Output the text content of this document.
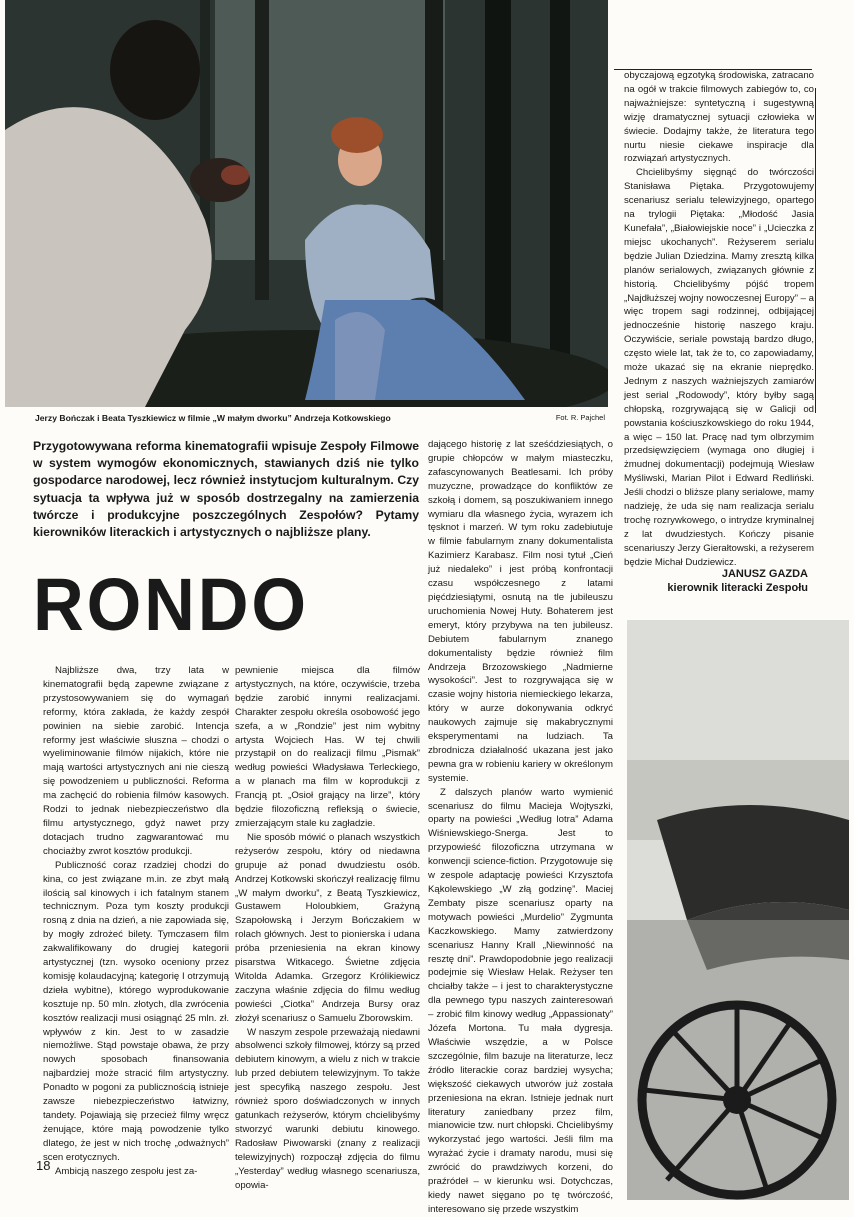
Jerzy Bończak i Beata Tyszkiewicz w filmie „W małym dworku” Andrzeja Kotkowskiego	Fot. R. Pajchel
Przygotowywana reforma kinematografii wpisuje Zespoły Filmowe w system wymogów ekonomicznych, stawianych dziś nie tylko gospodarce narodowej, lecz również instytucjom kulturalnym. Czy sytuacja ta wpływa już w sposób dostrzegalny na zamierzenia twórcze i produkcyjne poszczególnych Zespołów? Pytamy kierowników literackich i artystycznych o najbliższe plany.
RONDO

Najbliższe dwa, trzy lata w kinematografii będą zapewne związane z przystosowywaniem się do wymagań reformy, która zakłada, że każdy zespół powinien na siebie zarobić. Intencja reformy jest właściwie słuszna – chodzi o wyeliminowanie filmów nijakich, które nie mają wartości artystycznych ani nie cieszą się powodzeniem u publiczności. Reforma ma zachęcić do robienia filmów kasowych. Rodzi to jednak niebezpieczeństwo dla filmu artystycznego, gdyż nawet przy dotacjach trudno zagwarantować mu chociażby zwrot kosztów produkcji.

Publiczność coraz rzadziej chodzi do kina, co jest związane m.in. ze zbyt małą ilością sal kinowych i ich fatalnym stanem technicznym. Poza tym koszty produkcji rosną z dnia na dzień, a nie zapowiada się, by mogły zdrożeć bilety. Tymczasem film zakwalifikowany do drugiej kategorii artystycznej (tzn. wysoko oceniony przez komisję kolaudacyjną; kategorię I otrzymują dzieła wybitne), którego wyprodukowanie kosztuje np. 50 mln. złotych, dla zwrócenia kosztów realizacji musi osiągnąć 25 mln. zł. wpływów z kin. Jest to w zasadzie niemożliwe. Stąd powstaje obawa, że przy nowych sposobach finansowania najbardziej może stracić film artystyczny. Ponadto w pogoni za publicznością istnieje zawsze niebezpieczeństwo łatwizny, tandety. Pojawiają się przecież filmy wręcz żenujące, które mają powodzenie tylko dlatego, że jest w nich trochę „odważnych” scen erotycznych.

Ambicją naszego zespołu jest za-

pewnienie miejsca dla filmów artystycznych, na które, oczywiście, trzeba będzie zarobić innymi realizacjami. Charakter zespołu określa osobowość jego szefa, a w „Rondzie” jest nim wybitny artysta Wojciech Has. W tej chwili przystąpił on do realizacji filmu „Pismak” według powieści Władysława Terleckiego, a w planach ma film w koprodukcji z Francją pt. „Osioł grający na lirze”, który będzie filozoficzną refleksją o świecie, zmierzającym stale ku zagładzie.

Nie sposób mówić o planach wszystkich reżyserów zespołu, który od niedawna grupuje aż ponad dwudziestu osób. Andrzej Kotkowski skończył realizację filmu „W małym dworku”, z Beatą Tyszkiewicz, Gustawem Holoubkiem, Grażyną Szapołowską i Jerzym Bończakiem w rolach głównych. Jest to pionierska i udana próba przeniesienia na ekran kinowy pisarstwa Witkacego. Świetne zdjęcia Witolda Adamka. Grzegorz Królikiewicz zaczyna właśnie zdjęcia do filmu według powieści „Ciotka” Andrzeja Bursy oraz złożył scenariusz o Samuelu Zborowskim.

W naszym zespole przeważają niedawni absolwenci szkoły filmowej, którzy są przed debiutem kinowym, a wielu z nich w trakcie lub przed debiutem telewizyjnym. To także jest specyfiką naszego zespołu. Jest również sporo doświadczonych w innych gatunkach reżyserów, którym chcielibyśmy stworzyć warunki debiutu kinowego. Radosław Piwowarski (znany z realizacji telewizyjnych) rozpoczął zdjęcia do filmu „Yesterday” według własnego scenariusza, opowia-

dającego historię z lat sześćdziesiątych, o grupie chłopców w małym miasteczku, zafascynowanych Beatlesami. Ich próby muzyczne, prowadzące do konfliktów ze szkołą i domem, są poszukiwaniem innego wymiaru dla własnego życia, wyrazem ich tęsknot i marzeń. W tym roku zadebiutuje w filmie fabularnym znany dokumentalista Kazimierz Karabasz. Film nosi tytuł „Cień już niedaleko” i jest próbą konfrontacji czasu współczesnego z latami pięćdziesiątymi, osnutą na tle jubileuszu uruchomienia Nowej Huty. Bohaterem jest emeryt, który przybywa na ten jubileusz. Debiutem fabularnym znanego dokumentalisty będzie również film Andrzeja Brzozowskiego „Nadmierne wysokości”. Jest to rozgrywająca się w czasie wojny historia niemieckiego lekarza, który w aurze dokonywania odkryć naukowych zajmuje się makabrycznymi eksperymentami na ludziach. Ta zbrodnicza działalność ukazana jest jako pewna gra w robieniu kariery w określonym systemie.

Z dalszych planów warto wymienić scenariusz do filmu Macieja Wojtyszki, oparty na powieści „Według lotra” Adama Wiśniewskiego-Snerga. Jest to przypowieść filozoficzna utrzymana w konwencji science-fiction. Przygotowuje się w zespole adaptację powieści Krzysztofa Kąkolewskiego „W złą godzinę”. Maciej Zembaty pisze scenariusz oparty na motywach powieści „Murdelio” Zygmunta Kaczkowskiego. Mamy zatwierdzony scenariusz Hanny Krall „Niewinność na resztę dni”. Prawdopodobnie jego realizacji podejmie się Wiesław Helak. Reżyser ten chciałby także – i jest to charakterystyczne dla pewnego typu naszych zainteresowań – zrobić film kinowy według „Appassionaty” Józefa Mortona. Tu mała dygresja. Właściwie wszędzie, a w Polsce szczególnie, film bazuje na literaturze, lecz źródło literackie coraz bardziej wysycha; większość ciekawych utworów już została przeniesiona na ekran. Istnieje jednak nurt literatury zaniedbany przez film, mianowicie tzw. nurt chłopski. Chcielibyśmy wykorzystać jego wartości. Jeśli film ma wyrażać życie i dramaty narodu, musi się zwrócić do prawdziwych korzeni, do praźródeł – w kierunku wsi. Dotychczas, kiedy nawet sięgano po tę twórczość, interesowano się przede wszystkim

obyczajową egzotyką środowiska, zatracano na ogół w trakcie filmowych zabiegów to, co najważniejsze: syntetyczną i sugestywną wizję dramatycznej sytuacji człowieka w świecie. Dodajmy także, że literatura tego nurtu niesie ciekawe inspiracje dla rozwiązań artystycznych.

Chcielibyśmy sięgnąć do twórczości Stanisława Piętaka. Przygotowujemy scenariusz serialu telewizyjnego, opartego na trylogii Piętaka: „Młodość Jasia Kunefała”, „Białowiejskie noce” i „Ucieczka z miejsc ukochanych”. Reżyserem serialu będzie Julian Dziedzina. Mamy zresztą kilka planów serialowych, związanych głównie z historią. Chcielibyśmy pójść tropem „Najdłuższej wojny nowoczesnej Europy” – a więc tropem sagi rodzinnej, odbijającej jednocześnie historię naszego kraju. Oczywiście, seriale powstają bardzo długo, często wiele lat, tak że to, co zapowiadamy, może ukazać się na ekranie nieprędko. Jednym z naszych ważniejszych zamiarów jest serial „Rodowody”, który byłby sagą chłopską, rozgrywającą się w Galicji od powstania kościuszkowskiego do roku 1944, a więc – 150 lat. Pracę nad tym olbrzymim przedsięwzięciem (wymaga ono długiej i żmudnej dokumentacji) podejmują Wiesław Myśliwski, Marian Pilot i Edward Redliński. Jeśli chodzi o bliższe plany serialowe, mamy nadzieję, że uda się nam realizacja serialu trochę rozrywkowego, o intrydze kryminalnej z lat dwudziestych. Kończy pisanie scenariuszy Jerzy Gierałtowski, a reżyserem będzie Michał Dudziewicz.

JANUSZ GAZDA
kierownik literacki Zespołu
18
